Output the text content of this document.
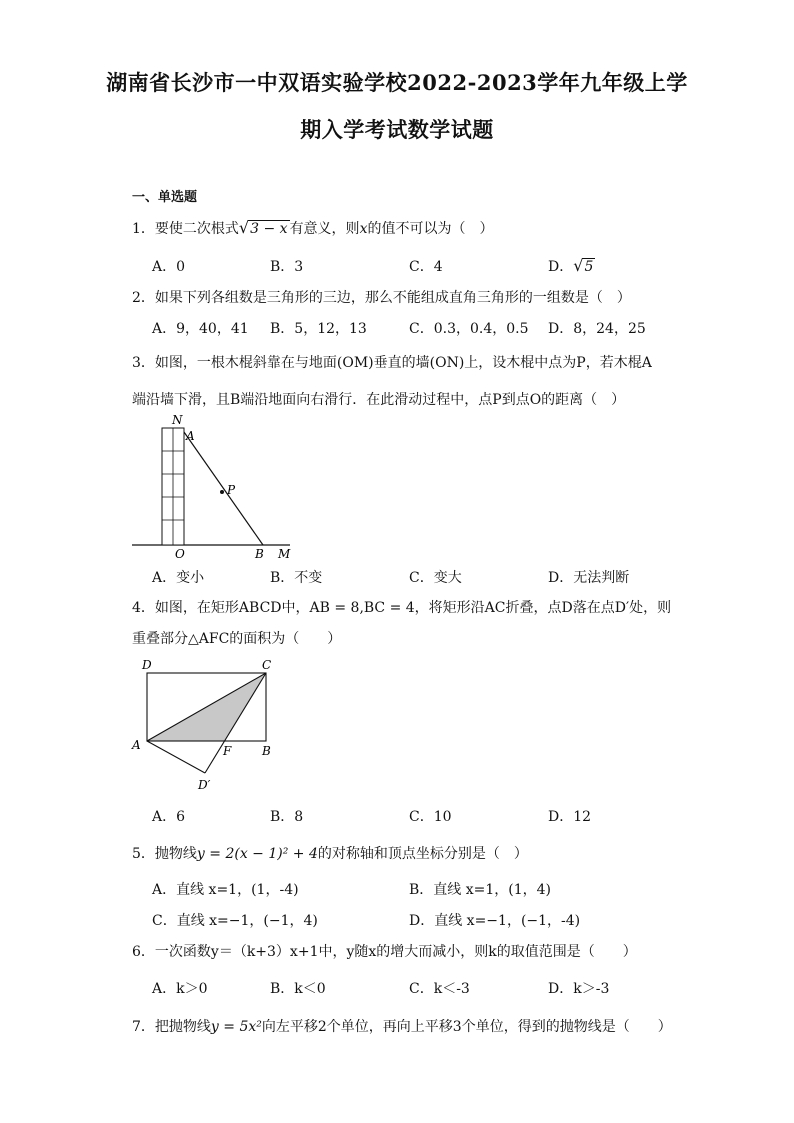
湖南省长沙市一中双语实验学校2022-2023学年九年级上学
期入学考试数学试题
一、单选题
1．要使二次根式√3 − x 有意义，则x的值不可以为（　）
A．0	B．3	C．4	D．√5
2．如果下列各组数是三角形的三边，那么不能组成直角三角形的一组数是（　）
A．9，40，41 B．5，12，13	C．0.3，0.4，0.5 D．8，24，25
3．如图，一根木棍斜靠在与地面(OM)垂直的墙(ON)上，设木棍中点为P，若木棍A
端沿墙下滑，且B端沿地面向右滑行．在此滑动过程中，点P到点O的距离（　）
N
A
P
O	B M
A．变小	B．不变	C．变大	D．无法判断
4．如图，在矩形ABCD中，AB = 8,BC = 4，将矩形沿AC折叠，点D落在点D′处，则
重叠部分△AFC的面积为（　　）
D	C
A	F	B
D′
A．6	B．8	C．10	D．12
5．抛物线y = 2(x − 1)² + 4的对称轴和顶点坐标分别是（　）
A．直线 x=1，(1，-4)	B．直线 x=1，(1，4)
C．直线 x=−1，(−1，4)	D．直线 x=−1，(−1，-4)
6．一次函数y＝（k+3）x+1中，y随x的增大而减小，则k的取值范围是（　　）
A．k＞0	B．k＜0	C．k＜-3	D．k＞-3
7．把抛物线y = 5x²向左平移2个单位，再向上平移3个单位，得到的抛物线是（　　）
